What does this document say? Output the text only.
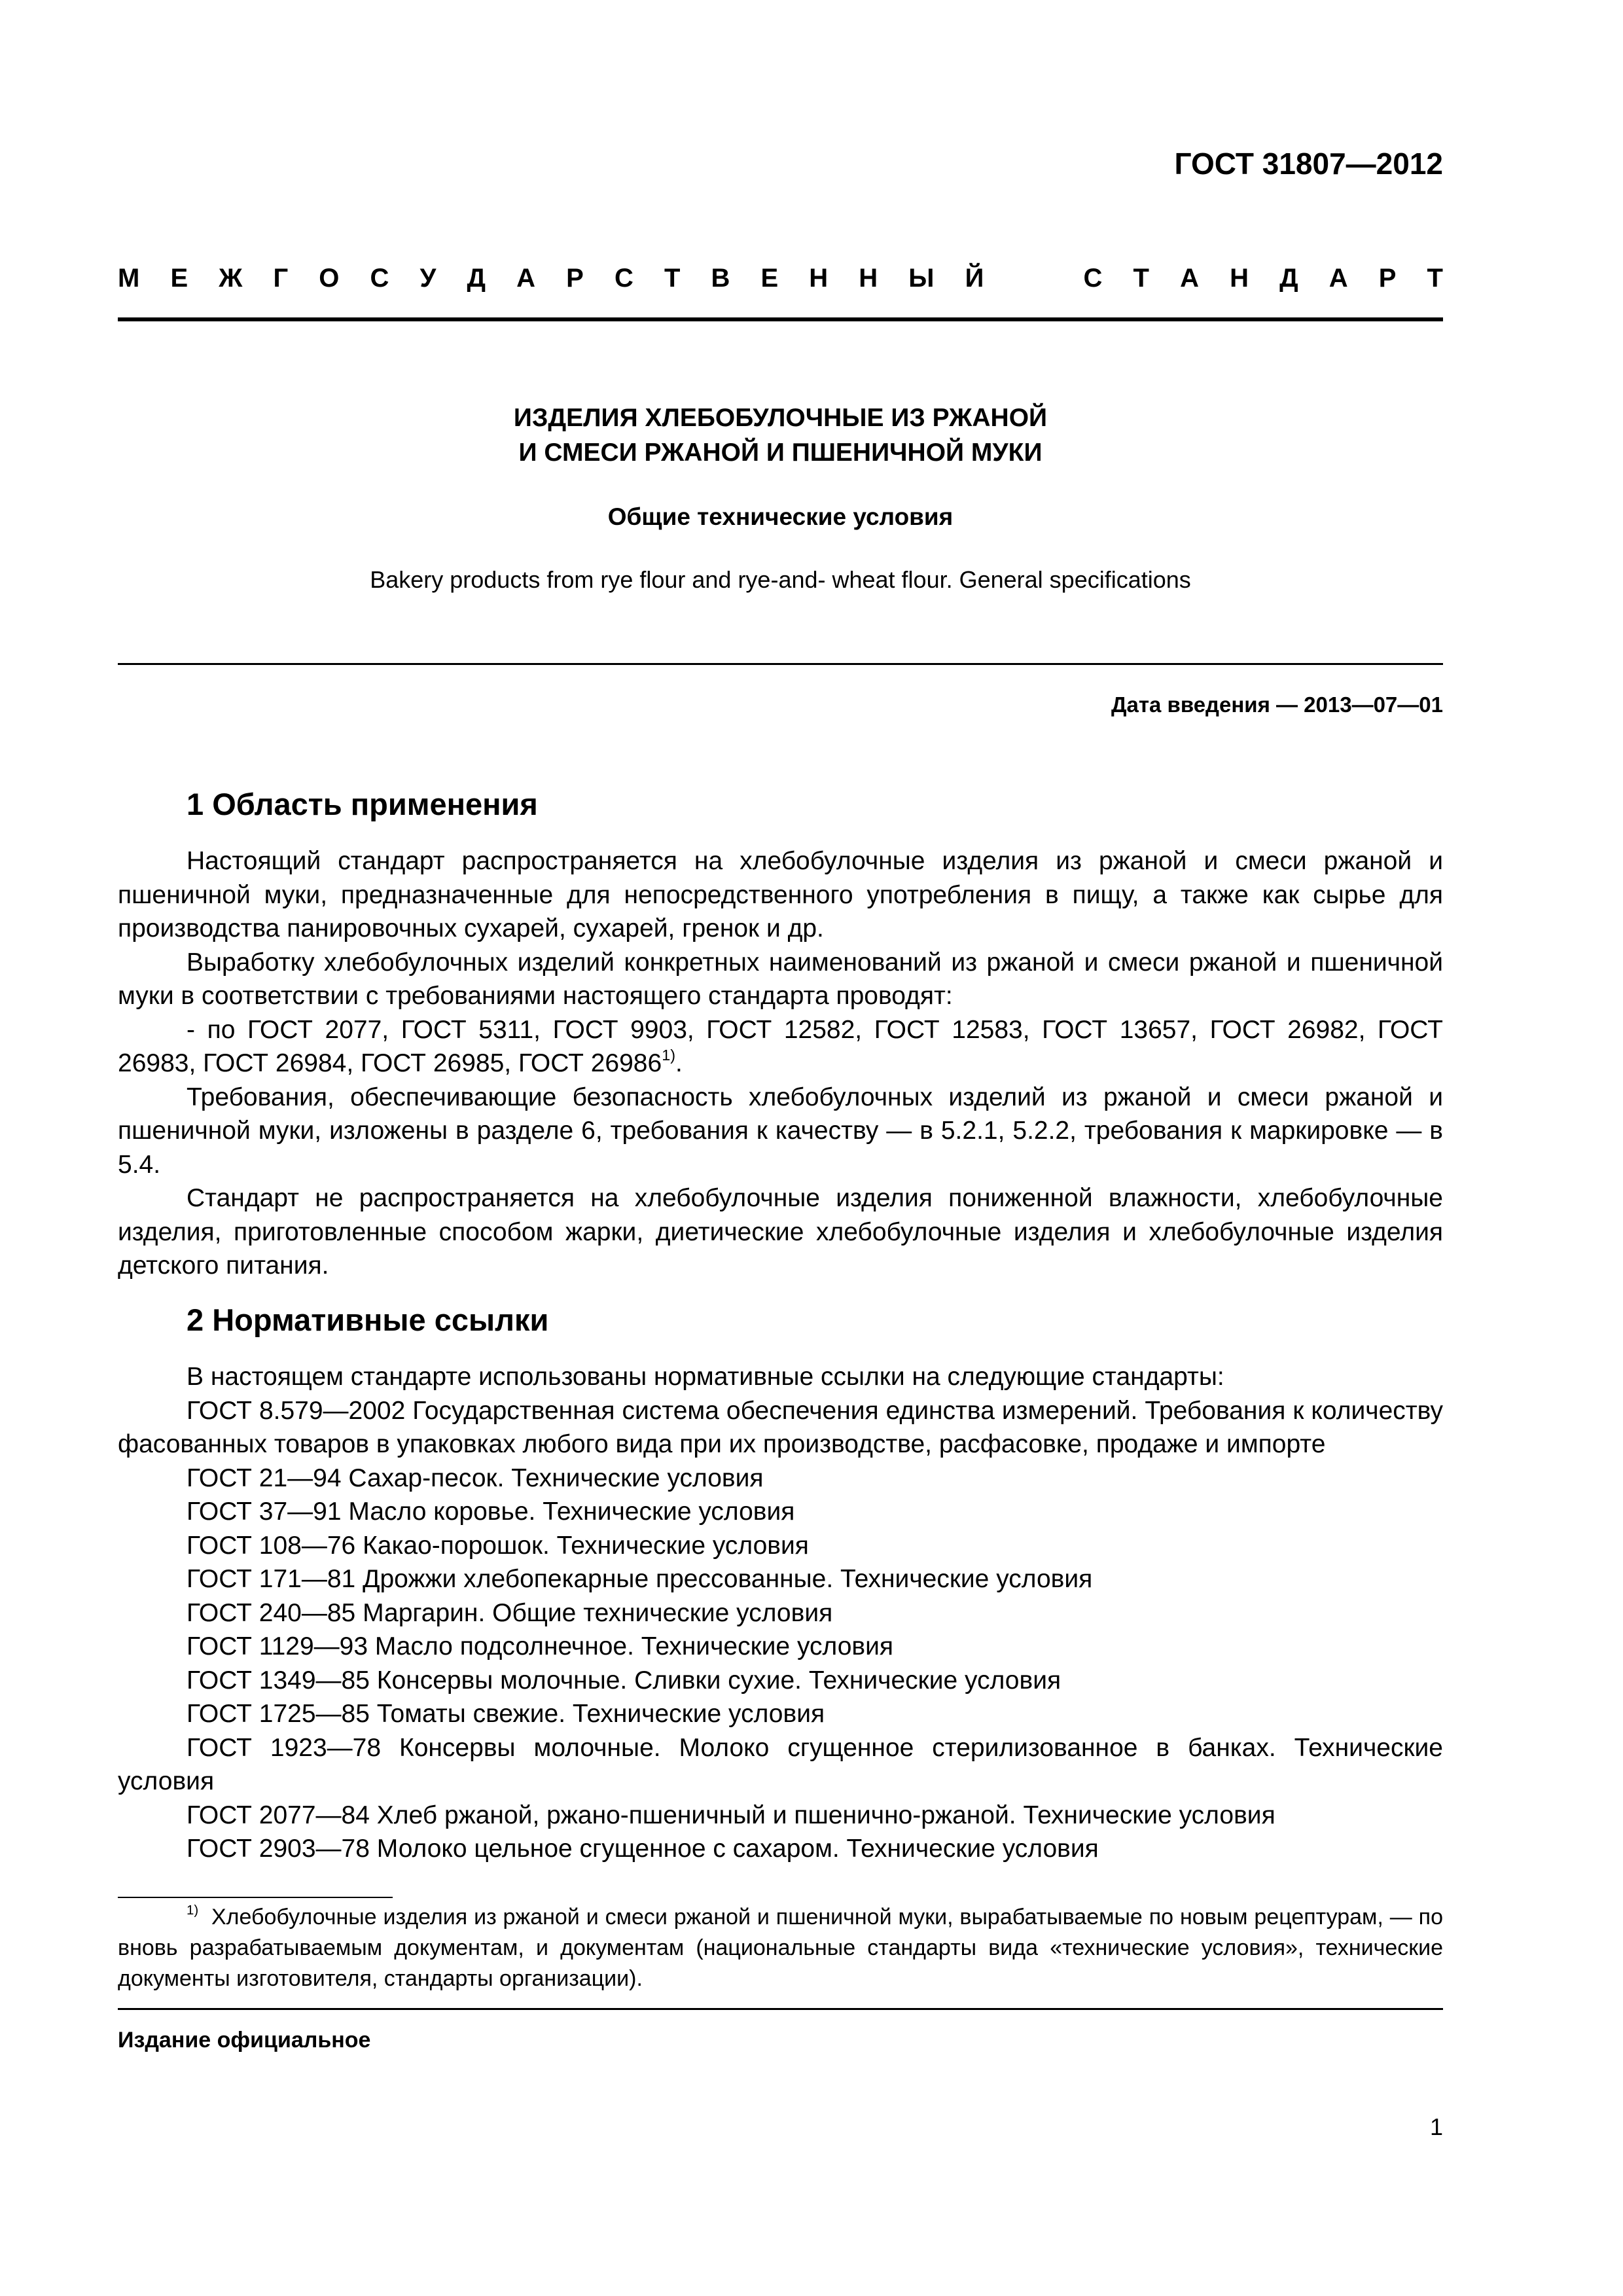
ГОСТ 31807—2012
М Е Ж Г О С У Д А Р С Т В Е Н Н Ы Й	С Т А Н Д А Р Т
ИЗДЕЛИЯ ХЛЕБОБУЛОЧНЫЕ ИЗ РЖАНОЙ
И СМЕСИ РЖАНОЙ И ПШЕНИЧНОЙ МУКИ
Общие технические условия
Bakery products from rye flour and rye-and- wheat flour. General specifications
Дата введения — 2013—07—01
1 Область применения

Настоящий стандарт распространяется на хлебобулочные изделия из ржаной и смеси ржаной и пшеничной муки, предназначенные для непосредственного употребления в пищу, а также как сырье для производства панировочных сухарей, сухарей, гренок и др.

Выработку хлебобулочных изделий конкретных наименований из ржаной и смеси ржаной и пшеничной муки в соответствии с требованиями настоящего стандарта проводят:

- по ГОСТ 2077, ГОСТ 5311, ГОСТ 9903, ГОСТ 12582, ГОСТ 12583, ГОСТ 13657, ГОСТ 26982, ГОСТ 26983, ГОСТ 26984, ГОСТ 26985, ГОСТ 26986$^{1)}$.

Требования, обеспечивающие безопасность хлебобулочных изделий из ржаной и смеси ржаной и пшеничной муки, изложены в разделе 6, требования к качеству — в 5.2.1, 5.2.2, требования к маркировке — в 5.4.

Стандарт не распространяется на хлебобулочные изделия пониженной влажности, хлебобулочные изделия, приготовленные способом жарки, диетические хлебобулочные изделия и хлебобулочные изделия детского питания.

2 Нормативные ссылки

В настоящем стандарте использованы нормативные ссылки на следующие стандарты:

ГОСТ 8.579—2002 Государственная система обеспечения единства измерений. Требования к количеству фасованных товаров в упаковках любого вида при их производстве, расфасовке, продаже и импорте

ГОСТ 21—94 Сахар-песок. Технические условия

ГОСТ 37—91 Масло коровье. Технические условия

ГОСТ 108—76 Какао-порошок. Технические условия

ГОСТ 171—81 Дрожжи хлебопекарные прессованные. Технические условия

ГОСТ 240—85 Маргарин. Общие технические условия

ГОСТ 1129—93 Масло подсолнечное. Технические условия

ГОСТ 1349—85 Консервы молочные. Сливки сухие. Технические условия

ГОСТ 1725—85 Томаты свежие. Технические условия

ГОСТ 1923—78 Консервы молочные. Молоко сгущенное стерилизованное в банках. Технические условия

ГОСТ 2077—84 Хлеб ржаной, ржано-пшеничный и пшенично-ржаной. Технические условия

ГОСТ 2903—78 Молоко цельное сгущенное с сахаром. Технические условия

$^{1)}$ Хлебобулочные изделия из ржаной и смеси ржаной и пшеничной муки, вырабатываемые по новым рецептурам, — по вновь разрабатываемым документам, и документам (национальные стандарты вида «технические условия», технические документы изготовителя, стандарты организации).
Издание официальное
1
